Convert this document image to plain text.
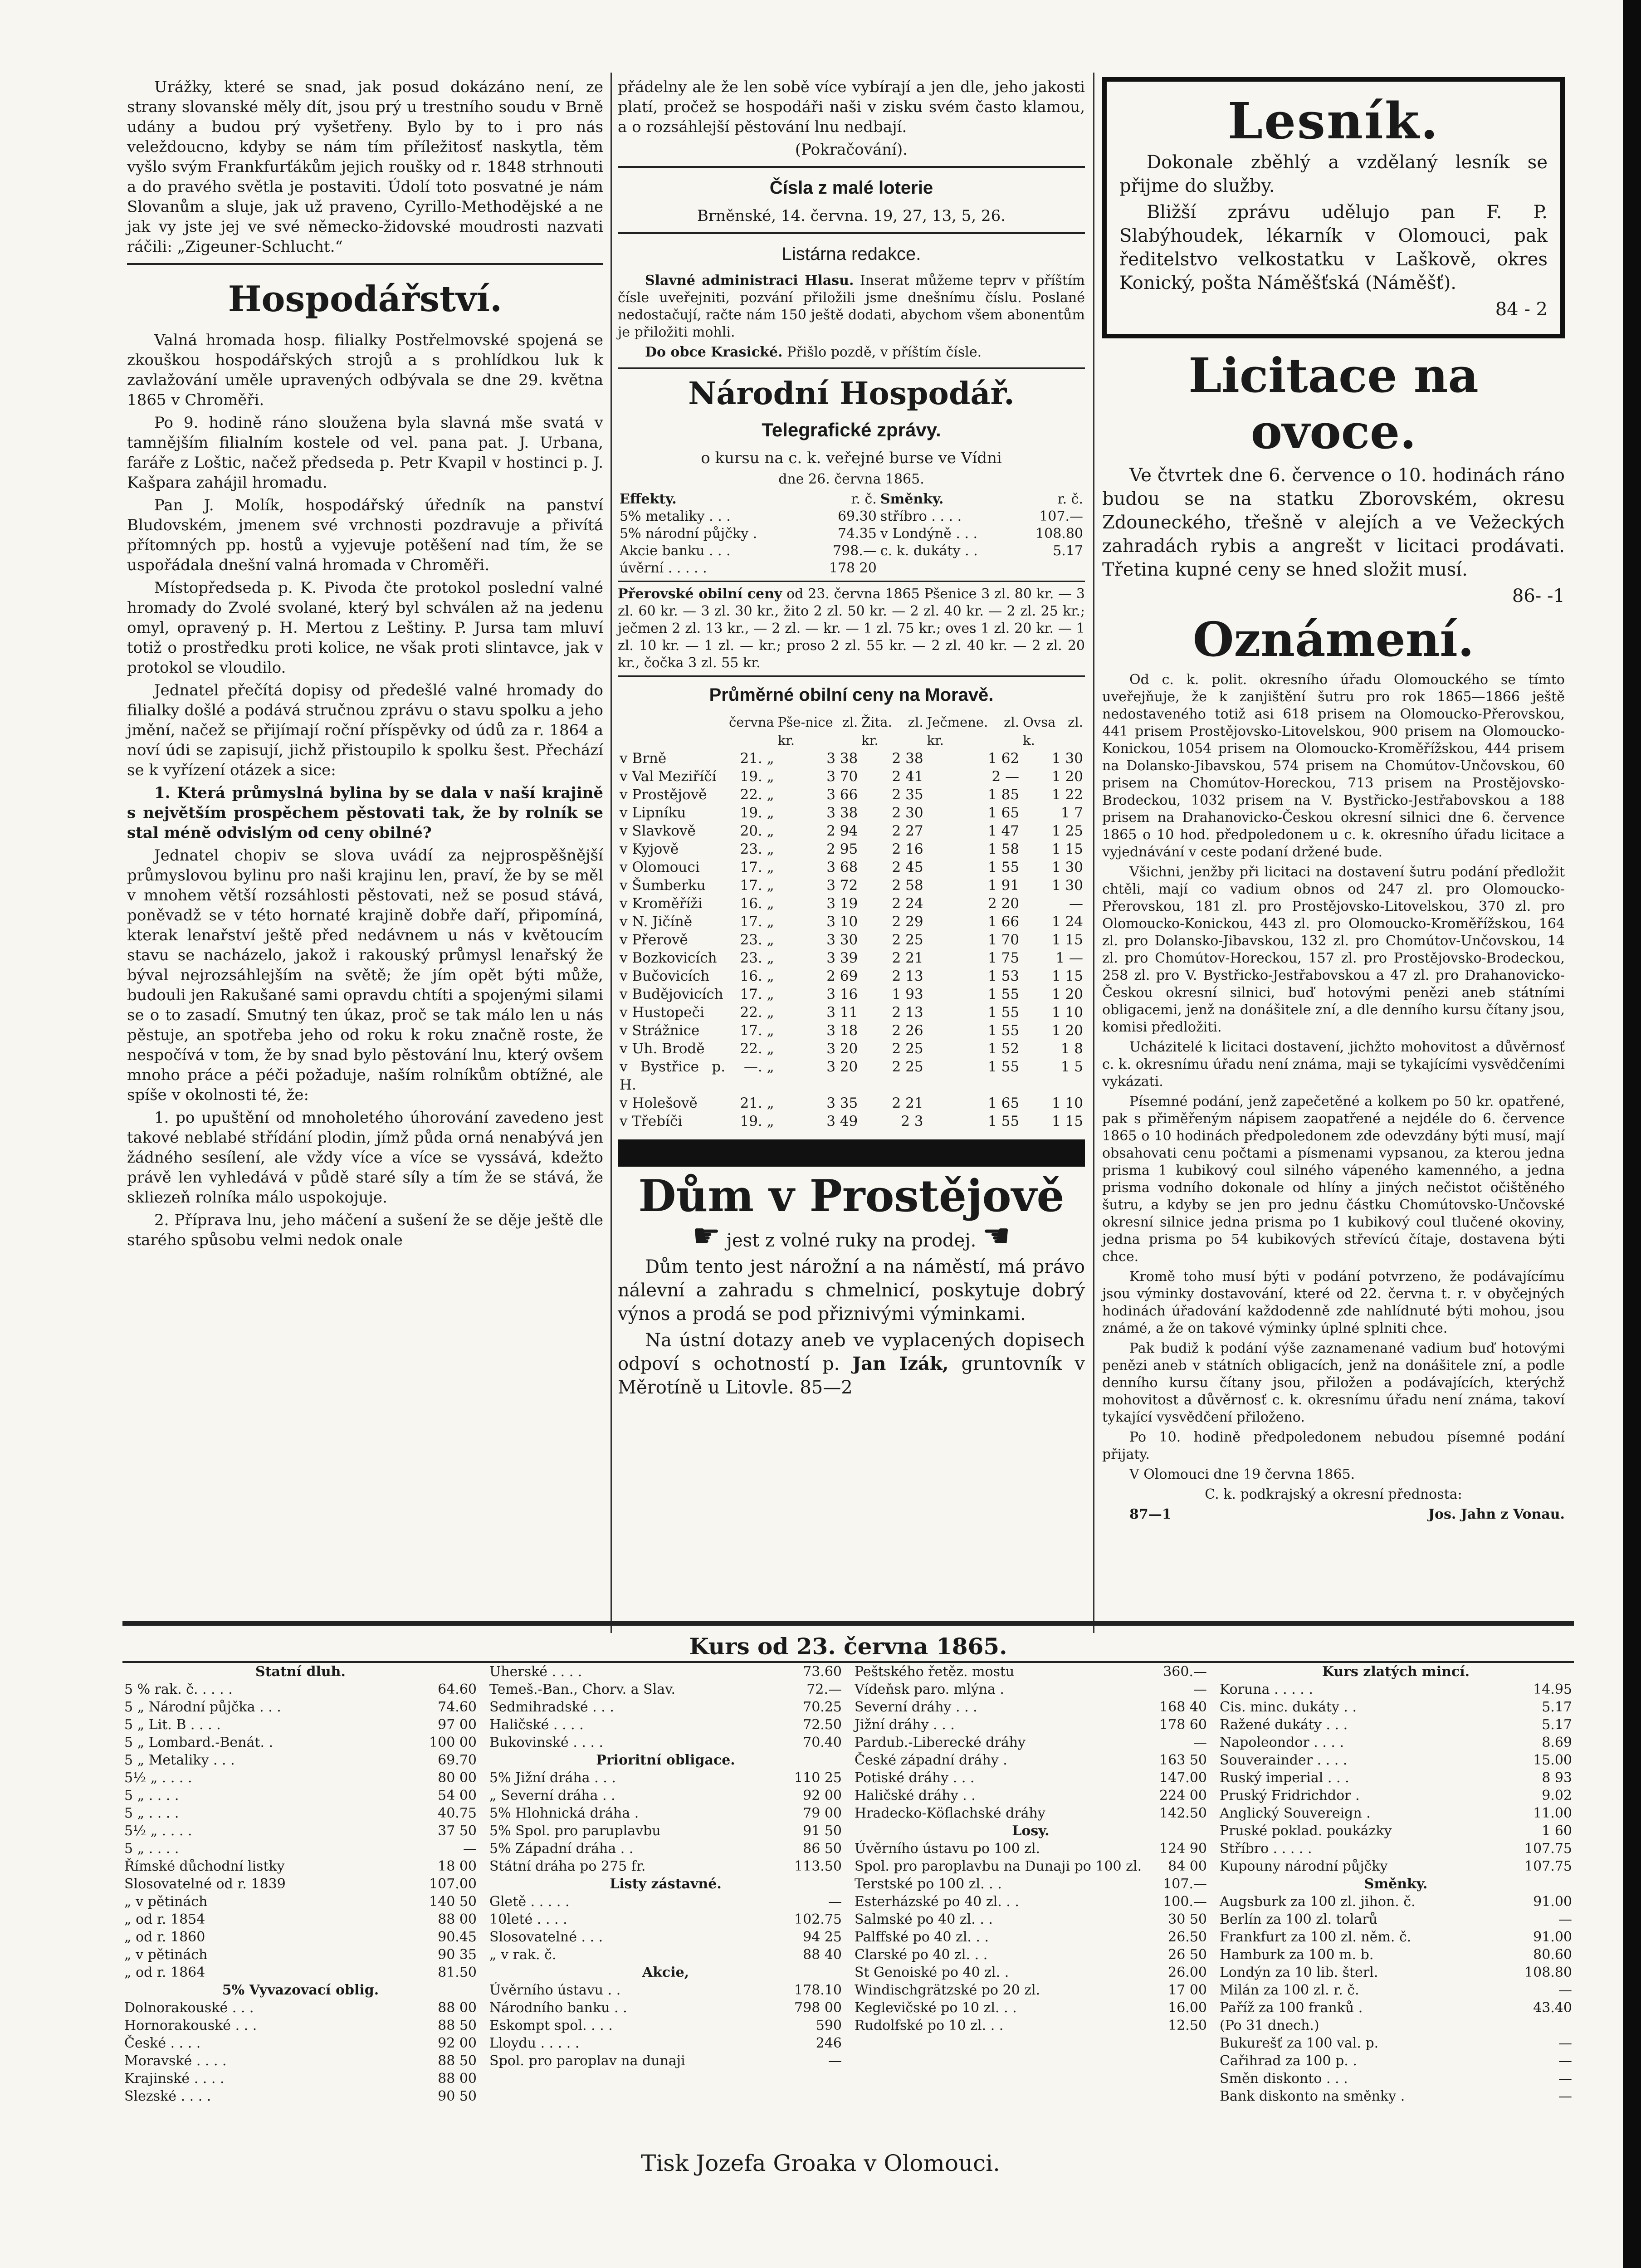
Urážky, které se snad, jak posud dokázáno není, ze strany slovanské měly dít, jsou prý u trestního soudu v Brně udány a budou prý vyšetřeny. Bylo by to i pro nás veleždoucno, kdyby se nám tím příležitosť naskytla, těm vyšlo svým Frankfurťákům jejich roušky od r. 1848 strhnouti a do pravého světla je postaviti. Údolí toto posvatné je nám Slovanům a sluje, jak už praveno, Cyrillo-Methodějské a ne jak vy jste jej ve své německo-židovské moudrosti nazvati ráčili: „Zigeuner-Schlucht.“

Hospodářství.

Valná hromada hosp. filialky Postřelmovské spojená se zkouškou hospodářských strojů a s prohlídkou luk k zavlažování uměle upravených odbývala se dne 29. května 1865 v Chroměři.

Po 9. hodině ráno sloužena byla slavná mše svatá v tamnějším filialním kostele od vel. pana pat. J. Urbana, faráře z Loštic, načež předseda p. Petr Kvapil v hostinci p. J. Kašpara zahájil hromadu.

Pan J. Molík, hospodářský úředník na panství Bludovském, jmenem své vrchnosti pozdravuje a přivítá přítomných pp. hostů a vyjevuje potěšení nad tím, že se uspořádala dnešní valná hromada v Chroměři.

Místopředseda p. K. Pivoda čte protokol poslední valné hromady do Zvolé svolané, který byl schválen až na jedenu omyl, opravený p. H. Mertou z Leštiny. P. Jursa tam mluví totiž o prostředku proti kolice, ne však proti slintavce, jak v protokol se vloudilo.

Jednatel přečítá dopisy od předešlé valné hromady do filialky došlé a podává stručnou zprávu o stavu spolku a jeho jmění, načež se přijímají roční příspěvky od údů za r. 1864 a noví údi se zapisují, jichž přistoupilo k spolku šest. Přechází se k vyřízení otázek a sice:

1. Která průmyslná bylina by se dala v naší krajině s největším prospěchem pěstovati tak, že by rolník se stal méně odvislým od ceny obilné?

Jednatel chopiv se slova uvádí za nejprospěšnější průmyslovou bylinu pro naši krajinu len, praví, že by se měl v mnohem větší rozsáhlosti pěstovati, než se posud stává, poněvadž se v této hornaté krajině dobře daří, připomíná, kterak lenařství ještě před nedávnem u nás v květoucím stavu se nacházelo, jakož i rakouský průmysl lenařský že býval nejrozsáhlejším na světě; že jím opět býti může, budouli jen Rakušané sami opravdu chtíti a spojenými silami se o to zasadí. Smutný ten úkaz, proč se tak málo len u nás pěstuje, an spotřeba jeho od roku k roku značně roste, že nespočívá v tom, že by snad bylo pěstování lnu, který ovšem mnoho práce a péči požaduje, naším rolníkům obtížné, ale spíše v okolnosti té, že:

1. po upuštění od mnoholetého úhorování zavedeno jest takové neblabé střídání plodin, jímž půda orná nenabývá jen žádného sesílení, ale vždy více a více se vyssává, kdežto právě len vyhledává v půdě staré síly a tím že se stává, že skliezeň rolníka málo uspokojuje.

2. Příprava lnu, jeho máčení a sušení že se děje ještě dle starého spůsobu velmi nedok onale

přádelny ale že len sobě více vybírají a jen dle, jeho jakosti platí, pročež se hospodáři naši v zisku svém často klamou, a o rozsáhlejší pěstování lnu nedbají.

(Pokračování).

Čísla z malé loterie

Brněnské, 14. června. 19, 27, 13, 5, 26.

Listárna redakce.

Slavné administraci Hlasu. Inserat můžeme teprv v příštím čísle uveřejniti, pozvání přiložili jsme dnešnímu číslu. Poslané nedostačují, račte nám 150 ještě dodati, abychom všem abonentům je přiložiti mohli.

Do obce Krasické. Přišlo pozdě, v příštím čísle.

Národní Hospodář.
Telegrafické zprávy.

o kursu na c. k. veřejné burse ve Vídni

dne 26. června 1865.

Effekty.	r. č.	Směnky.	r. č.
5% metaliky . . .	69.30	stříbro . . . .	107.—
5% národní půjčky .	74.35	v Londýně . . .	108.80
Akcie banku . . .	798.—	c. k. dukáty . .	5.17
úvěrní . . . . .	178 20		

Přerovské obilní ceny od 23. června 1865 Pšenice 3 zl. 80 kr. — 3 zl. 60 kr. — 3 zl. 30 kr., žito 2 zl. 50 kr. — 2 zl. 40 kr. — 2 zl. 25 kr.; ječmen 2 zl. 13 kr., — 2 zl. — kr. — 1 zl. 75 kr.; oves 1 zl. 20 kr. — 1 zl. 10 kr. — 1 zl. — kr.; proso 2 zl. 55 kr. — 2 zl. 40 kr. — 2 zl. 20 kr., čočka 3 zl. 55 kr.

Průměrné obilní ceny na Moravě.
	června	Pše-nice zl. kr.	Žita. zl. kr.	Ječmene. zl. kr.	Ovsa zl. k.
v Brně	21. „	3 38	2 38	1 62	1 30
v Val Meziříčí	19. „	3 70	2 41	2 —	1 20
v Prostějově	22. „	3 66	2 35	1 85	1 22
v Lipníku	19. „	3 38	2 30	1 65	1 7
v Slavkově	20. „	2 94	2 27	1 47	1 25
v Kyjově	23. „	2 95	2 16	1 58	1 15
v Olomouci	17. „	3 68	2 45	1 55	1 30
v Šumberku	17. „	3 72	2 58	1 91	1 30
v Kroměříži	16. „	3 19	2 24	2 20	—
v N. Jičíně	17. „	3 10	2 29	1 66	1 24
v Přerově	23. „	3 30	2 25	1 70	1 15
v Bozkovicích	23. „	3 39	2 21	1 75	1 —
v Bučovicích	16. „	2 69	2 13	1 53	1 15
v Budějovicích	17. „	3 16	1 93	1 55	1 20
v Hustopeči	22. „	3 11	2 13	1 55	1 10
v Strážnice	17. „	3 18	2 26	1 55	1 20
v Uh. Brodě	22. „	3 20	2 25	1 52	1 8
v Bystřice p. H.	—. „	3 20	2 25	1 55	1 5
v Holešově	21. „	3 35	2 21	1 65	1 10
v Třebíči	19. „	3 49	2 3	1 55	1 15
Dům v Prostějově

☛ jest z volné ruky na prodej. ☚

Dům tento jest nárožní a na náměstí, má právo nálevní a zahradu s chmelnicí, poskytuje dobrý výnos a prodá se pod přiznivými výminkami.

Na ústní dotazy aneb ve vyplacených dopisech odpoví s ochotností p. Jan Izák, gruntovník v Měrotíně u Litovle. 85—2

Lesník.

Dokonale zběhlý a vzdělaný lesník se přijme do služby.

Bližší zprávu udělujo pan F. P. Slabýhoudek, lékarník v Olomouci, pak ředitelstvo velkostatku v Laškově, okres Konický, pošta Náměšťská (Náměšť).

84 - 2

Licitace na ovoce.

Ve čtvrtek dne 6. července o 10. hodinách ráno budou se na statku Zborovském, okresu Zdouneckého, třešně v alejích a ve Vežeckých zahradách rybis a angrešt v licitaci prodávati. Třetina kupné ceny se hned složit musí.

86- -1

Oznámení.

Od c. k. polit. okresního úřadu Olomouckého se tímto uveřejňuje, že k zanjištění šutru pro rok 1865—1866 ještě nedostaveného totiž asi 618 prisem na Olomoucko-Přerovskou, 441 prisem Prostějovsko-Litovelskou, 900 prisem na Olomoucko-Konickou, 1054 prisem na Olomoucko-Kroměřížskou, 444 prisem na Dolansko-Jibavskou, 574 prisem na Chomútov-Unčovskou, 60 prisem na Chomútov-Horeckou, 713 prisem na Prostějovsko-Brodeckou, 1032 prisem na V. Bystřicko-Jestřabovskou a 188 prisem na Drahanovicko-Českou okresní silnici dne 6. července 1865 o 10 hod. předpoledonem u c. k. okresního úřadu licitace a vyjednávání v ceste podaní držené bude.

Všichni, jenžby při licitaci na dostavení šutru podání předložit chtěli, mají co vadium obnos od 247 zl. pro Olomoucko-Přerovskou, 181 zl. pro Prostějovsko-Litovelskou, 370 zl. pro Olomoucko-Konickou, 443 zl. pro Olomoucko-Kroměřížskou, 164 zl. pro Dolansko-Jibavskou, 132 zl. pro Chomútov-Unčovskou, 14 zl. pro Chomútov-Horeckou, 157 zl. pro Prostějovsko-Brodeckou, 258 zl. pro V. Bystřicko-Jestřabovskou a 47 zl. pro Drahanovicko-Českou okresní silnici, buď hotovými penězi aneb státními obligacemi, jenž na donášitele zní, a dle denního kursu čítany jsou, komisi předložiti.

Ucházitelé k licitaci dostavení, jichžto mohovitost a důvěrnosť c. k. okresnímu úřadu není známa, maji se tykajícími vysvědčeními vykázati.

Písemné podání, jenž zapečetěné a kolkem po 50 kr. opatřené, pak s přiměřeným nápisem zaopatřené a nejdéle do 6. července 1865 o 10 hodinách předpoledonem zde odevzdány býti musí, mají obsahovati cenu počtami a písmenami vypsanou, za kterou jedna prisma 1 kubikový coul silného vápeného kamenného, a jedna prisma vodního dokonale od hlíny a jiných nečistot očištěného šutru, a kdyby se jen pro jednu částku Chomútovsko-Unčovské okresní silnice jedna prisma po 1 kubikový coul tlučené okoviny, jedna prisma po 54 kubikových střevícú čítaje, dostavena býti chce.

Kromě toho musí býti v podání potvrzeno, že podávajícímu jsou výminky dostavování, které od 22. června t. r. v obyčejných hodinách úřadování každodenně zde nahlídnuté býti mohou, jsou známé, a že on takové výminky úplné splniti chce.

Pak budiž k podání výše zaznamenané vadium buď hotovými penězi aneb v státních obligacích, jenž na donášitele zní, a podle denního kursu čítany jsou, přiložen a podávajících, kterýchž mohovitost a důvěrnosť c. k. okresnímu úřadu není známa, takoví tykající vysvědčení přiloženo.

Po 10. hodině předpoledonem nebudou písemné podání přijaty.

V Olomouci dne 19 června 1865.

C. k. podkrajský a okresní přednosta:

87—1	Jos. Jahn z Vonau.

Kurs od 23. června 1865.
Statní dluh.
5 % rak. č. . . . .	64.60
5 „ Národní půjčka . . .	74.60
5 „ Lit. B . . . .	97 00
5 „ Lombard.-Benát. .	100 00
5 „ Metaliky . . .	69.70
5½ „ . . . .	80 00
5 „ . . . .	54 00
5 „ . . . .	40.75
5½ „ . . . .	37 50
5 „ . . . .	—
Římské důchodní listky	18 00
Slosovatelné od r. 1839	107.00
„ v pětinách	140 50
„ od r. 1854	88 00
„ od r. 1860	90.45
„ v pětinách	90 35
„ od r. 1864	81.50
5% Vyvazovací oblig.
Dolnorakouské . . .	88 00
Hornorakouské . . .	88 50
České . . . .	92 00
Moravské . . . .	88 50
Krajinské . . . .	88 00
Slezské . . . .	90 50
Uherské . . . .	73.60
Temeš.-Ban., Chorv. a Slav.	72.—
Sedmihradské . . .	70.25
Haličské . . . .	72.50
Bukovinské . . . .	70.40
Prioritní obligace.
5% Jižní dráha . . .	110 25
„ Severní dráha . .	92 00
5% Hlohnická dráha .	79 00
5% Spol. pro paruplavbu	91 50
5% Západní dráha . .	86 50
Státní dráha po 275 fr.	113.50
Listy zástavné.
Gletě . . . . .	—
10leté . . . .	102.75
Slosovatelné . . .	94 25
„ v rak. č.	88 40
Akcie,
Úvěrního ústavu . .	178.10
Národního banku . .	798 00
Eskompt spol. . . .	590
Lloydu . . . . .	246
Spol. pro paroplav na dunaji	—
Peštského řetěz. mostu	360.—
Vídeňsk paro. mlýna .	—
Severní dráhy . . .	168 40
Jižní dráhy . . .	178 60
Pardub.-Liberecké dráhy	—
České západní dráhy .	163 50
Potiské dráhy . . .	147.00
Haličské dráhy . .	224 00
Hradecko-Köflachské dráhy	142.50
Losy.
Úvěrního ústavu po 100 zl.	124 90
Spol. pro paroplavbu na Dunaji po 100 zl.	84 00
Terstské po 100 zl. . .	107.—
Esterházské po 40 zl. . .	100.—
Salmské po 40 zl. . .	30 50
Palffské po 40 zl. . .	26.50
Clarské po 40 zl. . .	26 50
St Genoiské po 40 zl. .	26.00
Windischgrätzské po 20 zl.	17 00
Keglevičské po 10 zl. . .	16.00
Rudolfské po 10 zl. . .	12.50
Kurs zlatých mincí.
Koruna . . . . .	14.95
Cis. minc. dukáty . .	5.17
Ražené dukáty . . .	5.17
Napoleondor . . . .	8.69
Souverainder . . . .	15.00
Ruský imperial . . .	8 93
Pruský Fridrichdor .	9.02
Anglický Souvereign .	11.00
Pruské poklad. poukázky	1 60
Stříbro . . . . .	107.75
Kupouny národní půjčky	107.75
Směnky.
Augsburk za 100 zl. jihon. č.	91.00
Berlín za 100 zl. tolarů	—
Frankfurt za 100 zl. něm. č.	91.00
Hamburk za 100 m. b.	80.60
Londýn za 10 lib. šterl.	108.80
Milán za 100 zl. r. č.	—
Paříž za 100 franků .	43.40
(Po 31 dnech.)	
Bukurešť za 100 val. p.	—
Cařihrad za 100 p. .	—
Směn diskonto . . .	—
Bank diskonto na směnky .	—
Tisk Jozefa Groaka v Olomouci.
